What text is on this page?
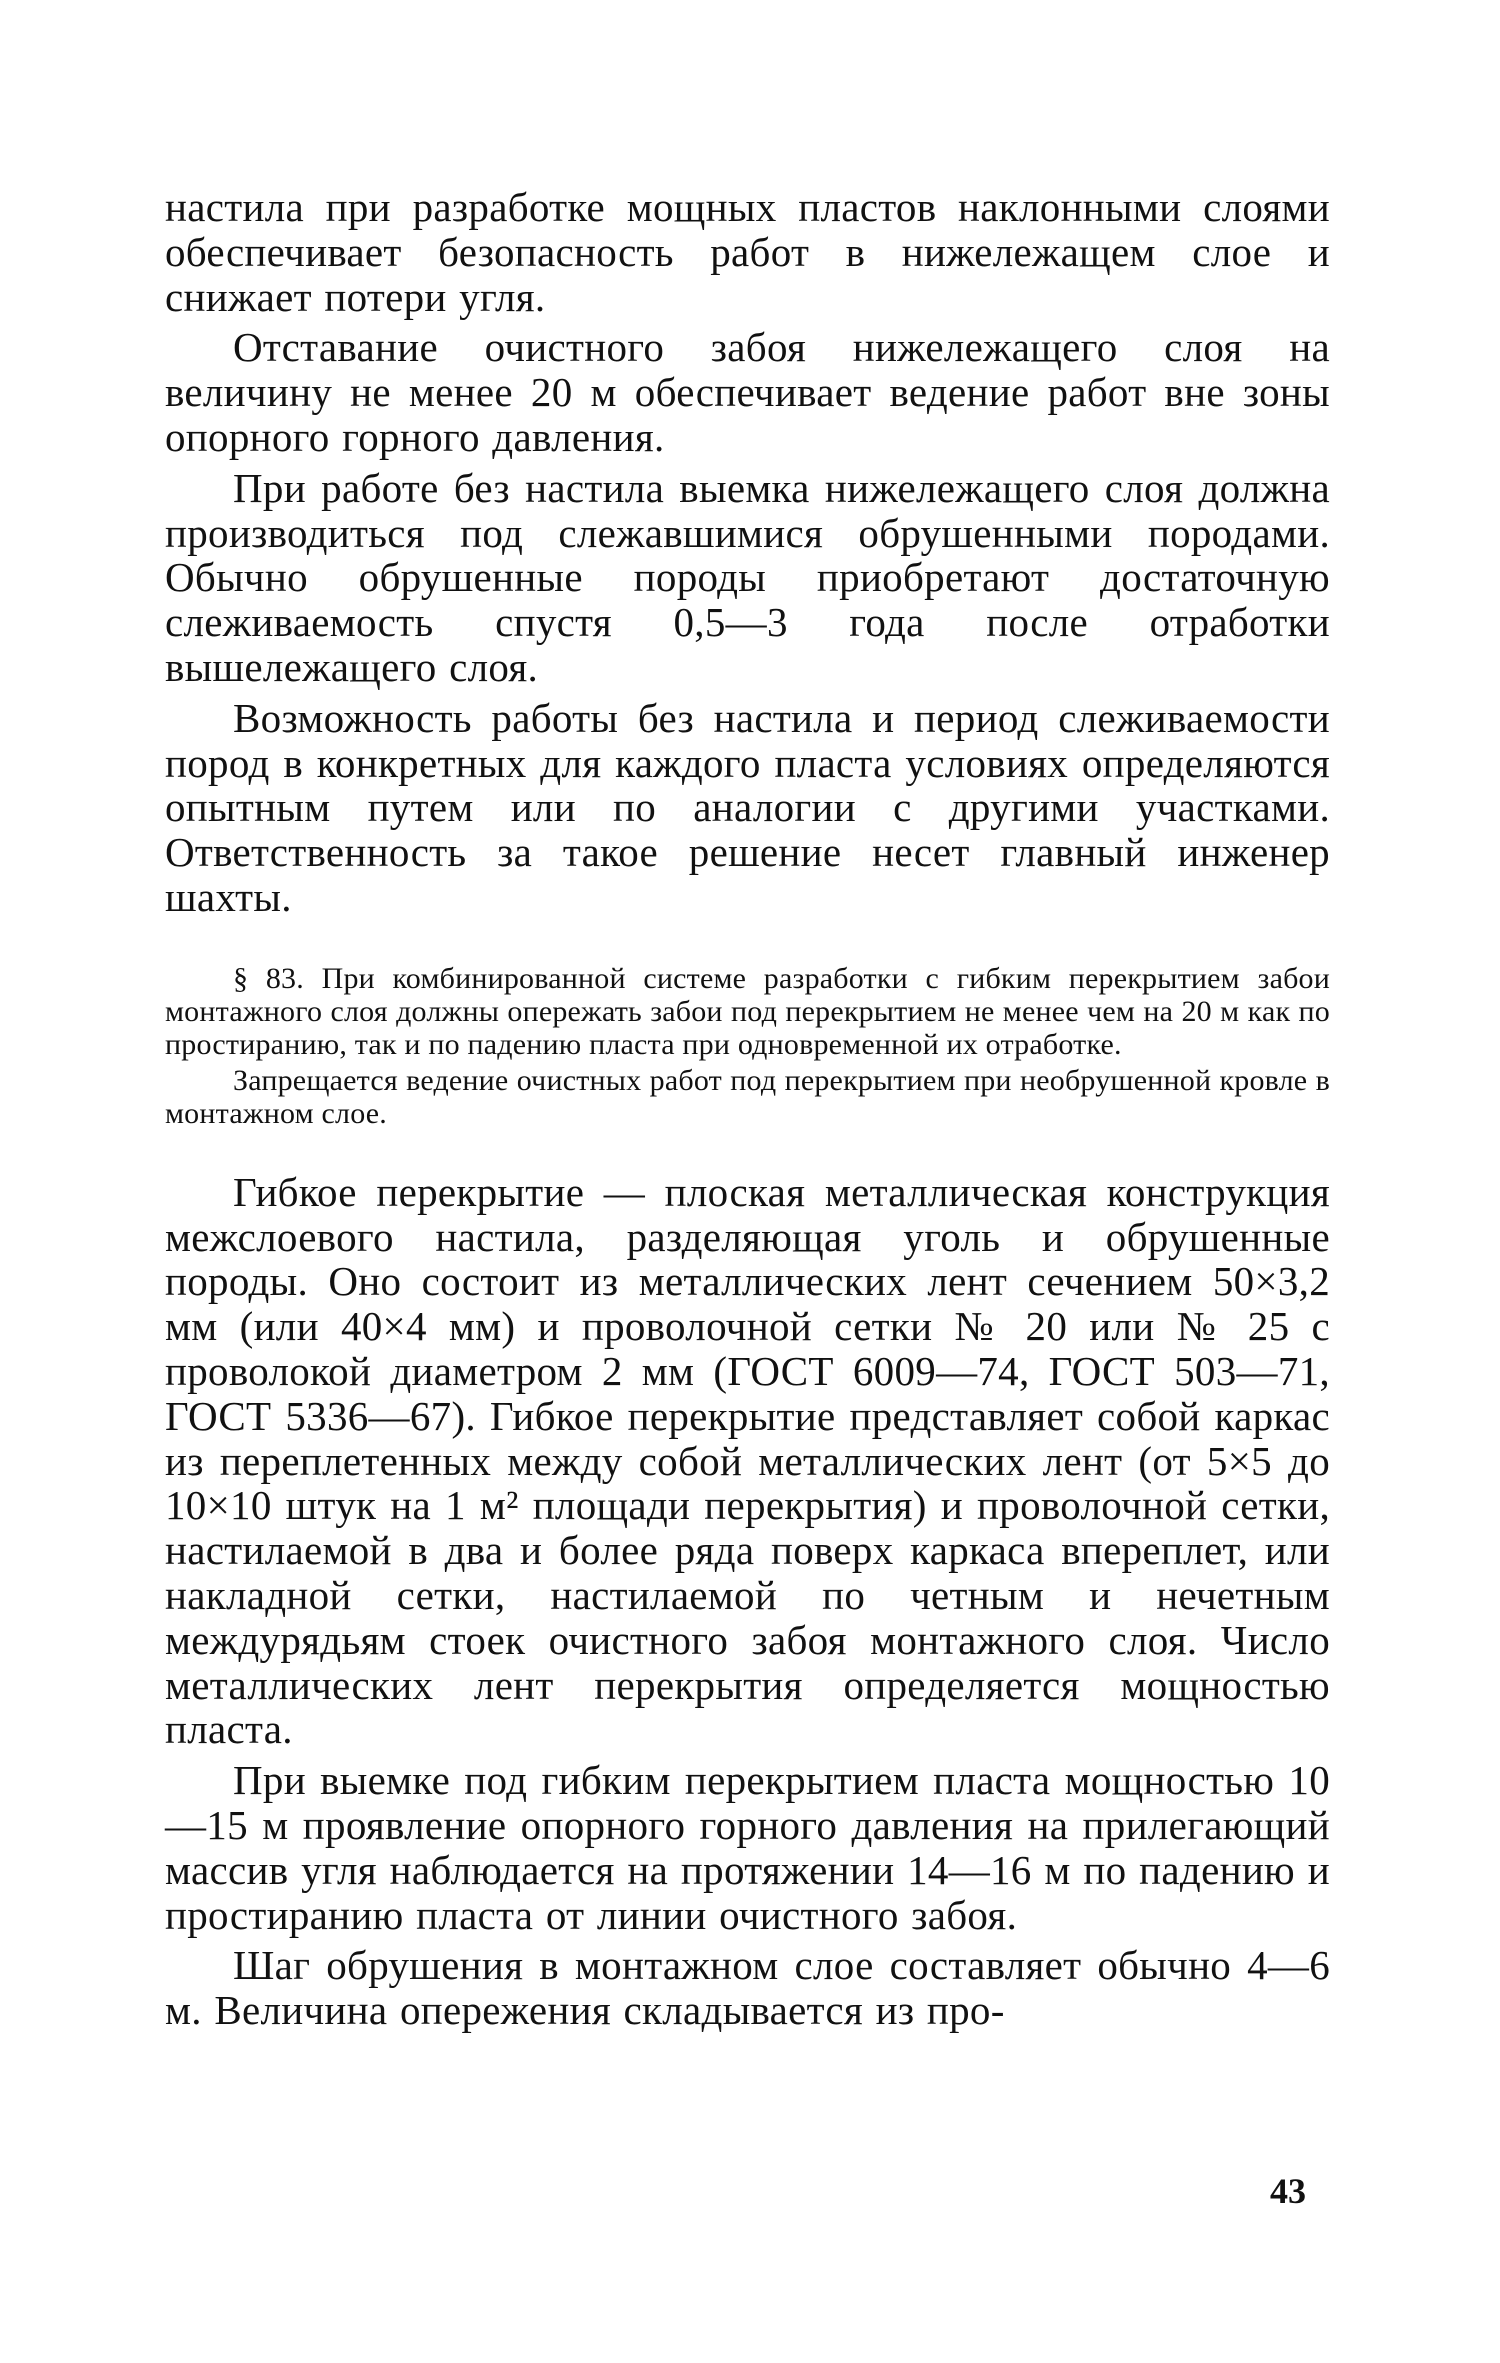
настила при разработке мощных пластов наклонными слоями обеспечивает безопасность работ в нижележащем слое и снижает потери угля.

Отставание очистного забоя нижележащего слоя на величину не менее 20 м обеспечивает ведение работ вне зоны опорного горного давления.

При работе без настила выемка нижележащего слоя должна производиться под слежавшимися обрушенными породами. Обычно обрушенные породы приобретают достаточную слеживаемость спустя 0,5—3 года после отработки вышележащего слоя.

Возможность работы без настила и период слеживаемости пород в конкретных для каждого пласта условиях определяются опытным путем или по аналогии с другими участками. Ответственность за такое решение несет главный инженер шахты.

§ 83. При комбинированной системе разработки с гибким перекрытием забои монтажного слоя должны опережать забои под перекрытием не менее чем на 20 м как по простиранию, так и по падению пласта при одновременной их отработке.

Запрещается ведение очистных работ под перекрытием при необрушенной кровле в монтажном слое.

Гибкое перекрытие — плоская металлическая конструкция межслоевого настила, разделяющая уголь и обрушенные породы. Оно состоит из металлических лент сечением 50×3,2 мм (или 40×4 мм) и проволочной сетки № 20 или № 25 с проволокой диаметром 2 мм (ГОСТ 6009—74, ГОСТ 503—71, ГОСТ 5336—67). Гибкое перекрытие представляет собой каркас из переплетенных между собой металлических лент (от 5×5 до 10×10 штук на 1 м² площади перекрытия) и проволочной сетки, настилаемой в два и более ряда поверх каркаса впереплет, или накладной сетки, настилаемой по четным и нечетным междурядьям стоек очистного забоя монтажного слоя. Число металлических лент перекрытия определяется мощностью пласта.

При выемке под гибким перекрытием пласта мощностью 10—15 м проявление опорного горного давления на прилегающий массив угля наблюдается на протяжении 14—16 м по падению и простиранию пласта от линии очистного забоя.

Шаг обрушения в монтажном слое составляет обычно 4—6 м. Величина опережения складывается из про-

43
